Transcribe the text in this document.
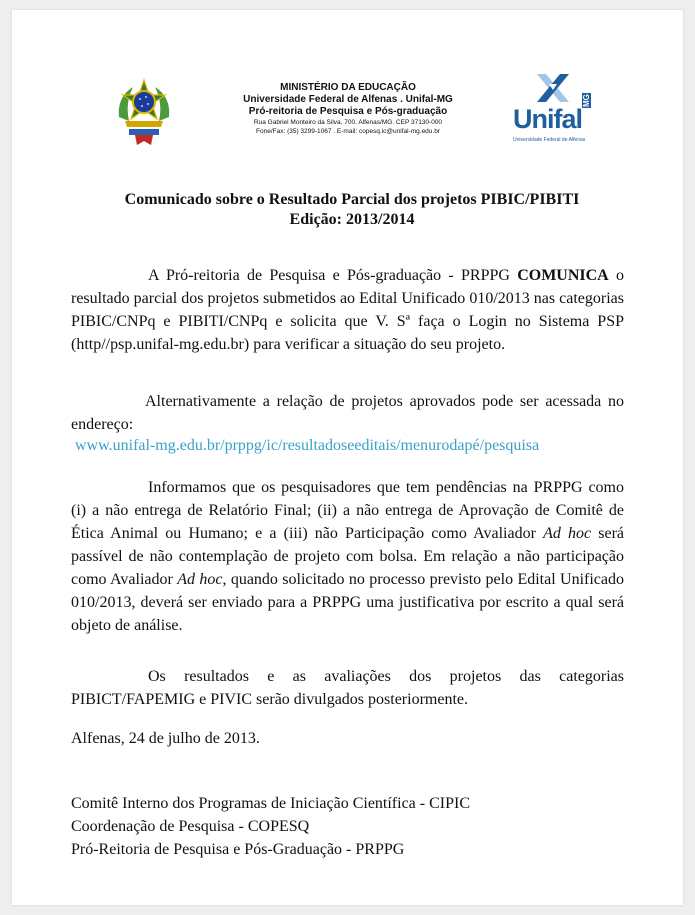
MINISTÉRIO DA EDUCAÇÃO
Universidade Federal de Alfenas . Unifal-MG
Pró-reitoria de Pesquisa e Pós-graduação
Rua Gabriel Monteiro da Silva, 700. Alfenas/MG. CEP 37130-000
Fone/Fax: (35) 3299-1067 . E-mail: copesq.ic@unifal-mg.edu.br	Unifal
MG
Universidade Federal de Alfenas
Comunicado sobre o Resultado Parcial dos projetos PIBIC/PIBITI
Edição: 2013/2014
A Pró-reitoria de Pesquisa e Pós-graduação - PRPPG COMUNICA o resultado parcial dos projetos submetidos ao Edital Unificado 010/2013 nas categorias PIBIC/CNPq e PIBITI/CNPq e solicita que V. Sª faça o Login no Sistema PSP (http//psp.unifal-mg.edu.br) para verificar a situação do seu projeto.
Alternativamente a relação de projetos aprovados pode ser acessada no endereço:
www.unifal-mg.edu.br/prppg/ic/resultadoseeditais/menurodapé/pesquisa
Informamos que os pesquisadores que tem pendências na PRPPG como (i) a não entrega de Relatório Final; (ii) a não entrega de Aprovação de Comitê de Ética Animal ou Humano; e a (iii) não Participação como Avaliador Ad hoc será passível de não contemplação de projeto com bolsa. Em relação a não participação como Avaliador Ad hoc, quando solicitado no processo previsto pelo Edital Unificado 010/2013, deverá ser enviado para a PRPPG uma justificativa por escrito a qual será objeto de análise.
Os resultados e as avaliações dos projetos das categorias PIBICT/FAPEMIG e PIVIC serão divulgados posteriormente.
Alfenas, 24 de julho de 2013.
Comitê Interno dos Programas de Iniciação Científica - CIPIC
Coordenação de Pesquisa - COPESQ
Pró-Reitoria de Pesquisa e Pós-Graduação - PRPPG
